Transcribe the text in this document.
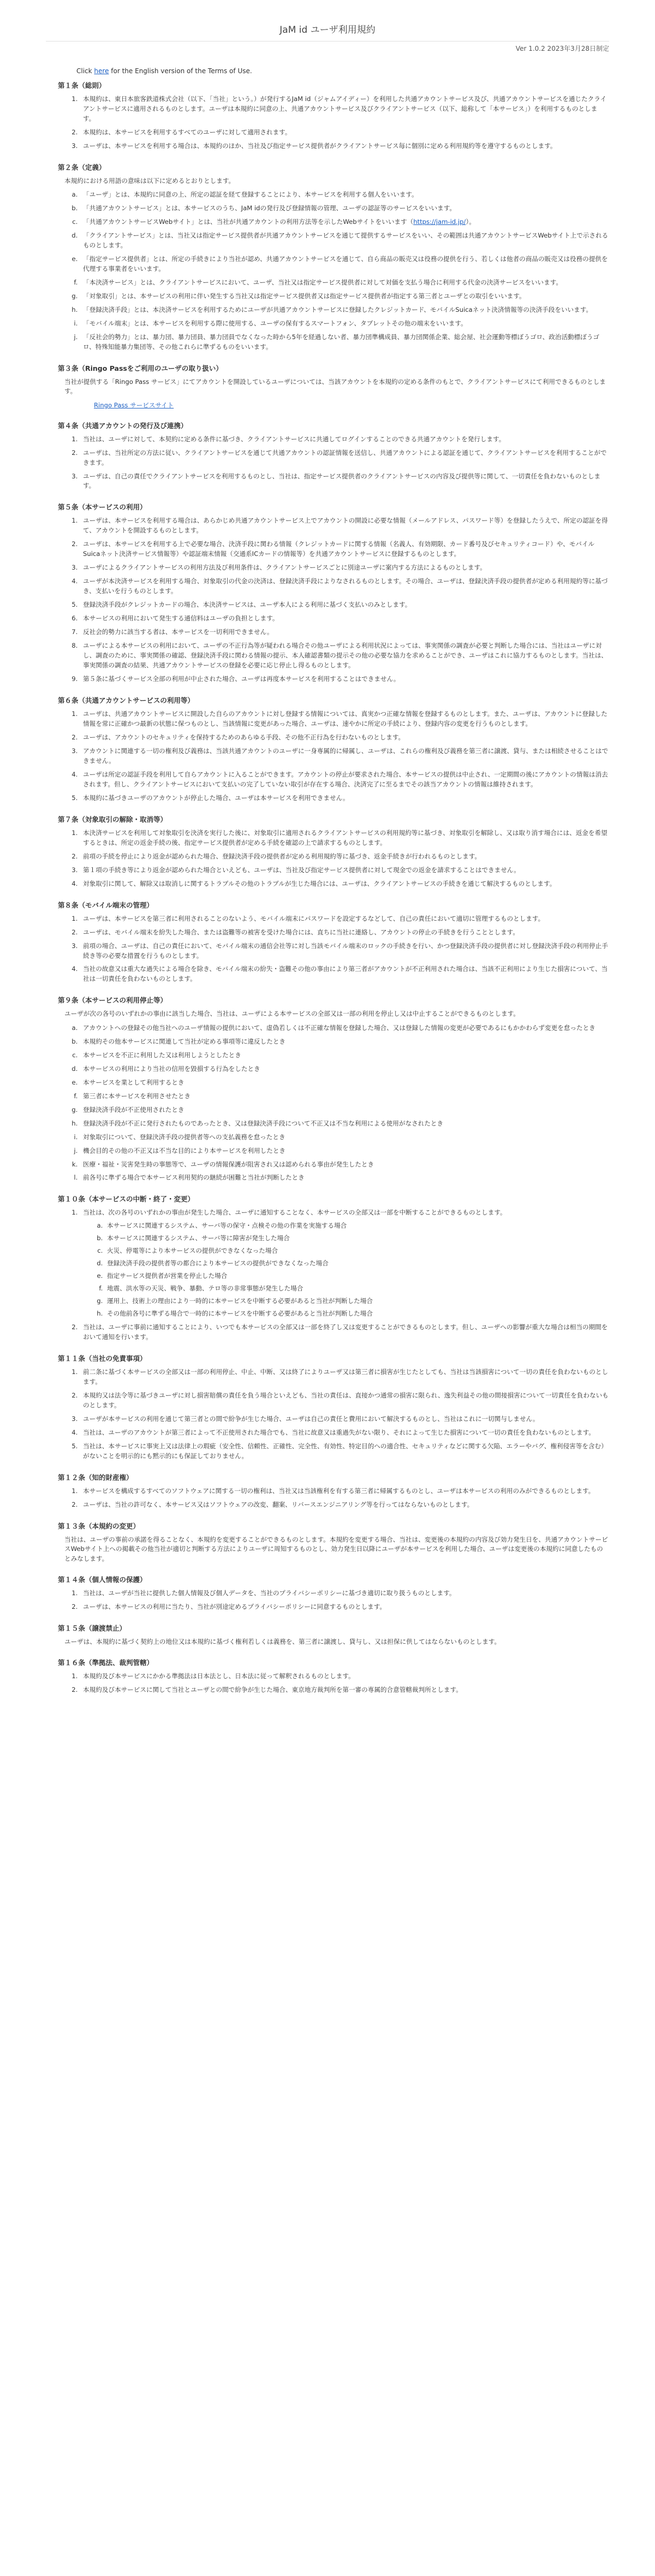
JaM id ユーザ利用規約
Ver 1.0.2 2023年3月28日制定
Click here for the English version of the Terms of Use.
第１条（総則）
1. 本規約は、東日本旅客鉄道株式会社（以下、「当社」という。）が発行するJaM id（ジャムアイディー）を利用した共通アカウントサービス及び、共通アカウントサービスを通じたクライアントサービスに適用されるものとします。ユーザは本規約に同意の上、共通アカウントサービス及びクライアントサービス（以下、総称して「本サービス」）を利用するものとします。
2. 本規約は、本サービスを利用するすべてのユーザに対して適用されます。
3. ユーザは、本サービスを利用する場合は、本規約のほか、当社及び指定サービス提供者がクライアントサービス毎に個別に定める利用規約等を遵守するものとします。
第２条（定義）
本規約における用語の意味は以下に定めるとおりとします。
a. 「ユーザ」とは、本規約に同意の上、所定の認証を経て登録することにより、本サービスを利用する個人をいいます。
b. 「共通アカウントサービス」とは、本サービスのうち、JaM idの発行及び登録情報の管理、ユーザの認証等のサービスをいいます。
c. 「共通アカウントサービスWebサイト」とは、当社が共通アカウントの利用方法等を示したWebサイトをいいます（https://jam-id.jp/）。
d. 「クライアントサービス」とは、当社又は指定サービス提供者が共通アカウントサービスを通じて提供するサービスをいい、その範囲は共通アカウントサービスWebサイト上で示されるものとします。
e. 「指定サービス提供者」とは、所定の手続きにより当社が認め、共通アカウントサービスを通じて、自ら商品の販売又は役務の提供を行う、若しくは他者の商品の販売又は役務の提供を代理する事業者をいいます。
f. 「本決済サービス」とは、クライアントサービスにおいて、ユーザ、当社又は指定サービス提供者に対して対価を支払う場合に利用する代金の決済サービスをいいます。
g. 「対象取引」とは、本サービスの利用に伴い発生する当社又は指定サービス提供者又は指定サービス提供者が指定する第三者とユーザとの取引をいいます。
h. 「登録決済手段」とは、本決済サービスを利用するためにユーザが共通アカウントサービスに登録したクレジットカード、モバイルSuicaネット決済情報等の決済手段をいいます。
i. 「モバイル端末」とは、本サービスを利用する際に使用する、ユーザの保有するスマートフォン、タブレットその他の端末をいいます。
j. 「反社会的勢力」とは、暴力団、暴力団員、暴力団員でなくなった時から5年を経過しない者、暴力団準構成員、暴力団関係企業、総会屋、社会運動等標ぼうゴロ、政治活動標ぼうゴロ、特殊知能暴力集団等、その他これらに準ずるものをいいます。
第３条（Ringo Passをご利用のユーザの取り扱い）
当社が提供する「Ringo Pass サービス」にてアカウントを開設しているユーザについては、当該アカウントを本規約の定める条件のもとで、クライアントサービスにて利用できるものとします。
Ringo Pass サービスサイト
第４条（共通アカウントの発行及び連携）
1. 当社は、ユーザに対して、本契約に定める条件に基づき、クライアントサービスに共通してログインすることのできる共通アカウントを発行します。
2. ユーザは、当社所定の方法に従い、クライアントサービスを通じて共通アカウントの認証情報を送信し、共通アカウントによる認証を通じて、クライアントサービスを利用することができます。
3. ユーザは、自己の責任でクライアントサービスを利用するものとし、当社は、指定サービス提供者のクライアントサービスの内容及び提供等に関して、一切責任を負わないものとします。
第５条（本サービスの利用）
1. ユーザは、本サービスを利用する場合は、あらかじめ共通アカウントサービス上でアカウントの開設に必要な情報（メールアドレス、パスワード等）を登録したうえで、所定の認証を得て、アカウントを開設するものとします。
2. ユーザは、本サービスを利用する上で必要な場合、決済手段に関わる情報（クレジットカードに関する情報（名義人、有効期限、カード番号及びセキュリティコード）や、モバイルSuicaネット決済サービス情報等）や認証端末情報（交通系ICカードの情報等）を共通アカウントサービスに登録するものとします。
3. ユーザによるクライアントサービスの利用方法及び利用条件は、クライアントサービスごとに別途ユーザに案内する方法によるものとします。
4. ユーザが本決済サービスを利用する場合、対象取引の代金の決済は、登録決済手段によりなされるものとします。その場合、ユーザは、登録決済手段の提供者が定める利用規約等に基づき、支払いを行うものとします。
5. 登録決済手段がクレジットカードの場合、本決済サービスは、ユーザ本人による利用に基づく支払いのみとします。
6. 本サービスの利用において発生する通信料はユーザの負担とします。
7. 反社会的勢力に該当する者は、本サービスを一切利用できません。
8. ユーザによる本サービスの利用において、ユーザの不正行為等が疑われる場合その他ユーザによる利用状況によっては、事実関係の調査が必要と判断した場合には、当社はユーザに対し、調査のために、事実関係の確認、登録決済手段に関わる情報の提示、本人確認書類の提示その他の必要な協力を求めることができ、ユーザはこれに協力するものとします。当社は、事実関係の調査の結果、共通アカウントサービスの登録を必要に応じ停止し得るものとします。
9. 第５条に基づくサービス全部の利用が中止された場合、ユーザは再度本サービスを利用することはできません。
第６条（共通アカウントサービスの利用等）
1. ユーザは、共通アカウントサービスに開設した自らのアカウントに対し登録する情報については、真実かつ正確な情報を登録するものとします。また、ユーザは、アカウントに登録した情報を常に正確かつ最新の状態に保つものとし、当該情報に変更があった場合、ユーザは、速やかに所定の手続により、登録内容の変更を行うものとします。
2. ユーザは、アカウントのセキュリティを保持するためのあらゆる手段、その他不正行為を行わないものとします。
3. アカウントに関連する一切の権利及び義務は、当該共通アカウントのユーザに一身専属的に帰属し、ユーザは、これらの権利及び義務を第三者に譲渡、貸与、または相続させることはできません。
4. ユーザは所定の認証手段を利用して自らアカウントに入ることができます。アカウントの停止が要求された場合、本サービスの提供は中止され、一定期間の後にアカウントの情報は消去されます。但し、クライアントサービスにおいて支払いの完了していない取引が存在する場合、決済完了に至るまでその該当アカウントの情報は維持されます。
5. 本規約に基づきユーザのアカウントが停止した場合、ユーザは本サービスを利用できません。
第７条（対象取引の解除・取消等）
1. 本決済サービスを利用して対象取引を決済を実行した後に、対象取引に適用されるクライアントサービスの利用規約等に基づき、対象取引を解除し、又は取り消す場合には、返金を希望するときは、所定の返金手続の後、指定サービス提供者が定める手続を確認の上で請求するものとします。
2. 前項の手続を停止により返金が認められた場合、登録決済手段の提供者が定める利用規約等に基づき、返金手続きが行われるものとします。
3. 第１項の手続き等により返金が認められた場合といえども、ユーザは、当社及び指定サービス提供者に対して現金での返金を請求することはできません。
4. 対象取引に関して、解除又は取消しに関するトラブルその他のトラブルが生じた場合には、ユーザは、クライアントサービスの手続きを通じて解決するものとします。
第８条（モバイル端末の管理）
1. ユーザは、本サービスを第三者に利用されることのないよう、モバイル端末にパスワードを設定するなどして、自己の責任において適切に管理するものとします。
2. ユーザは、モバイル端末を紛失した場合、または盗難等の被害を受けた場合には、直ちに当社に連絡し、アカウントの停止の手続きを行うこととします。
3. 前項の場合、ユーザは、自己の責任において、モバイル端末の通信会社等に対し当該モバイル端末のロックの手続きを行い、かつ登録決済手段の提供者に対し登録決済手段の利用停止手続き等の必要な措置を行うものとします。
4. 当社の故意又は重大な過失による場合を除き、モバイル端末の紛失・盗難その他の事由により第三者がアカウントが不正利用された場合は、当該不正利用により生じた損害について、当社は一切責任を負わないものとします。
第９条（本サービスの利用停止等）
ユーザが次の各号のいずれかの事由に該当した場合、当社は、ユーザによる本サービスの全部又は一部の利用を停止し又は中止することができるものとします。
a. アカウントへの登録その他当社へのユーザ情報の提供において、虚偽若しくは不正確な情報を登録した場合、又は登録した情報の変更が必要であるにもかかわらず変更を怠ったとき
b. 本規約その他本サービスに関連して当社が定める事項等に違反したとき
c. 本サービスを不正に利用した又は利用しようとしたとき
d. 本サービスの利用により当社の信用を毀損する行為をしたとき
e. 本サービスを業として利用するとき
f. 第三者に本サービスを利用させたとき
g. 登録決済手段が不正使用されたとき
h. 登録決済手段が不正に発行されたものであったとき、又は登録決済手段について不正又は不当な利用による使用がなされたとき
i. 対象取引について、登録決済手段の提供者等への支払義務を怠ったとき
j. 機会目的その他の不正又は不当な目的により本サービスを利用したとき
k. 医療・福祉・災害発生時の事態等で、ユーザの情報保護が阻害され又は認められる事由が発生したとき
l. 前各号に準ずる場合で本サービス利用契約の継続が困難と当社が判断したとき
第１０条（本サービスの中断・終了・変更）
1. 当社は、次の各号のいずれかの事由が発生した場合、ユーザに通知することなく、本サービスの全部又は一部を中断することができるものとします。
a. 本サービスに関連するシステム、サーバ等の保守・点検その他の作業を実施する場合
b. 本サービスに関連するシステム、サーバ等に障害が発生した場合
c. 火災、停電等により本サービスの提供ができなくなった場合
d. 登録決済手段の提供者等の都合により本サービスの提供ができなくなった場合
e. 指定サービス提供者が営業を停止した場合
f. 地震、洪水等の天災、戦争、暴動、テロ等の非常事態が発生した場合
g. 運用上、技術上の理由により一時的に本サービスを中断する必要があると当社が判断した場合
h. その他前各号に準ずる場合で一時的に本サービスを中断する必要があると当社が判断した場合
2. 当社は、ユーザに事前に通知することにより、いつでも本サービスの全部又は一部を終了し又は変更することができるものとします。但し、ユーザへの影響が重大な場合は相当の期間をおいて通知を行います。
第１１条（当社の免責事項）
1. 前二条に基づく本サービスの全部又は一部の利用停止、中止、中断、又は終了によりユーザ又は第三者に損害が生じたとしても、当社は当該損害について一切の責任を負わないものとします。
2. 本規約又は法令等に基づきユーザに対し損害賠償の責任を負う場合といえども、当社の責任は、直接かつ通常の損害に限られ、逸失利益その他の間接損害について一切責任を負わないものとします。
3. ユーザが本サービスの利用を通じて第三者との間で紛争が生じた場合、ユーザは自己の責任と費用において解決するものとし、当社はこれに一切関与しません。
4. 当社は、ユーザのアカウントが第三者によって不正使用された場合でも、当社に故意又は重過失がない限り、それによって生じた損害について一切の責任を負わないものとします。
5. 当社は、本サービスに事実上又は法律上の瑕疵（安全性、信頼性、正確性、完全性、有効性、特定目的への適合性、セキュリティなどに関する欠陥、エラーやバグ、権利侵害等を含む）がないことを明示的にも黙示的にも保証しておりません。
第１２条（知的財産権）
1. 本サービスを構成するすべてのソフトウェアに関する一切の権利は、当社又は当該権利を有する第三者に帰属するものとし、ユーザは本サービスの利用のみができるものとします。
2. ユーザは、当社の許可なく、本サービス又はソフトウェアの改変、翻案、リバースエンジニアリング等を行ってはならないものとします。
第１３条（本規約の変更）
当社は、ユーザの事前の承諾を得ることなく、本規約を変更することができるものとします。本規約を変更する場合、当社は、変更後の本規約の内容及び効力発生日を、共通アカウントサービスWebサイト上への掲載その他当社が適切と判断する方法によりユーザに周知するものとし、効力発生日以降にユーザが本サービスを利用した場合、ユーザは変更後の本規約に同意したものとみなします。
第１４条（個人情報の保護）
1. 当社は、ユーザが当社に提供した個人情報及び個人データを、当社のプライバシーポリシーに基づき適切に取り扱うものとします。
2. ユーザは、本サービスの利用に当たり、当社が別途定めるプライバシーポリシーに同意するものとします。
第１５条（譲渡禁止）
ユーザは、本規約に基づく契約上の地位又は本規約に基づく権利若しくは義務を、第三者に譲渡し、貸与し、又は担保に供してはならないものとします。
第１６条（準拠法、裁判管轄）
1. 本規約及び本サービスにかかる準拠法は日本法とし、日本法に従って解釈されるものとします。
2. 本規約及び本サービスに関して当社とユーザとの間で紛争が生じた場合、東京地方裁判所を第一審の専属的合意管轄裁判所とします。
